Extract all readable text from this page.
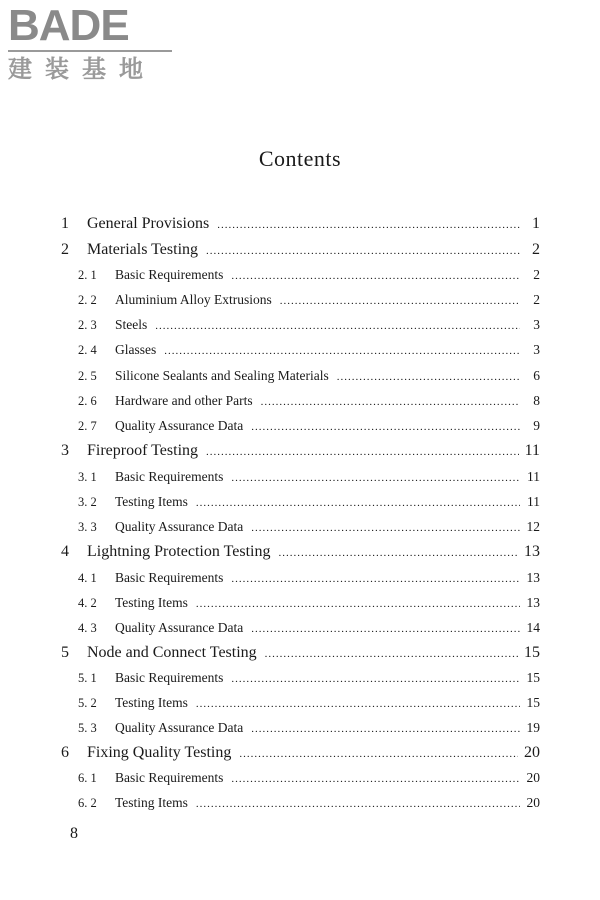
BADE
建装基地
Contents
1	General Provisions .....	1
2	Materials Testing .....	2
2. 1	Basic Requirements .....	2
2. 2	Aluminium Alloy Extrusions .....	2
2. 3	Steels .....	3
2. 4	Glasses .....	3
2. 5	Silicone Sealants and Sealing Materials .....	6
2. 6	Hardware and other Parts .....	8
2. 7	Quality Assurance Data .....	9
3	Fireproof Testing .....	11
3. 1	Basic Requirements .....	11
3. 2	Testing Items .....	11
3. 3	Quality Assurance Data .....	12
4	Lightning Protection Testing .....	13
4. 1	Basic Requirements .....	13
4. 2	Testing Items .....	13
4. 3	Quality Assurance Data .....	14
5	Node and Connect Testing .....	15
5. 1	Basic Requirements .....	15
5. 2	Testing Items .....	15
5. 3	Quality Assurance Data .....	19
6	Fixing Quality Testing .....	20
6. 1	Basic Requirements .....	20
6. 2	Testing Items .....	20
8
